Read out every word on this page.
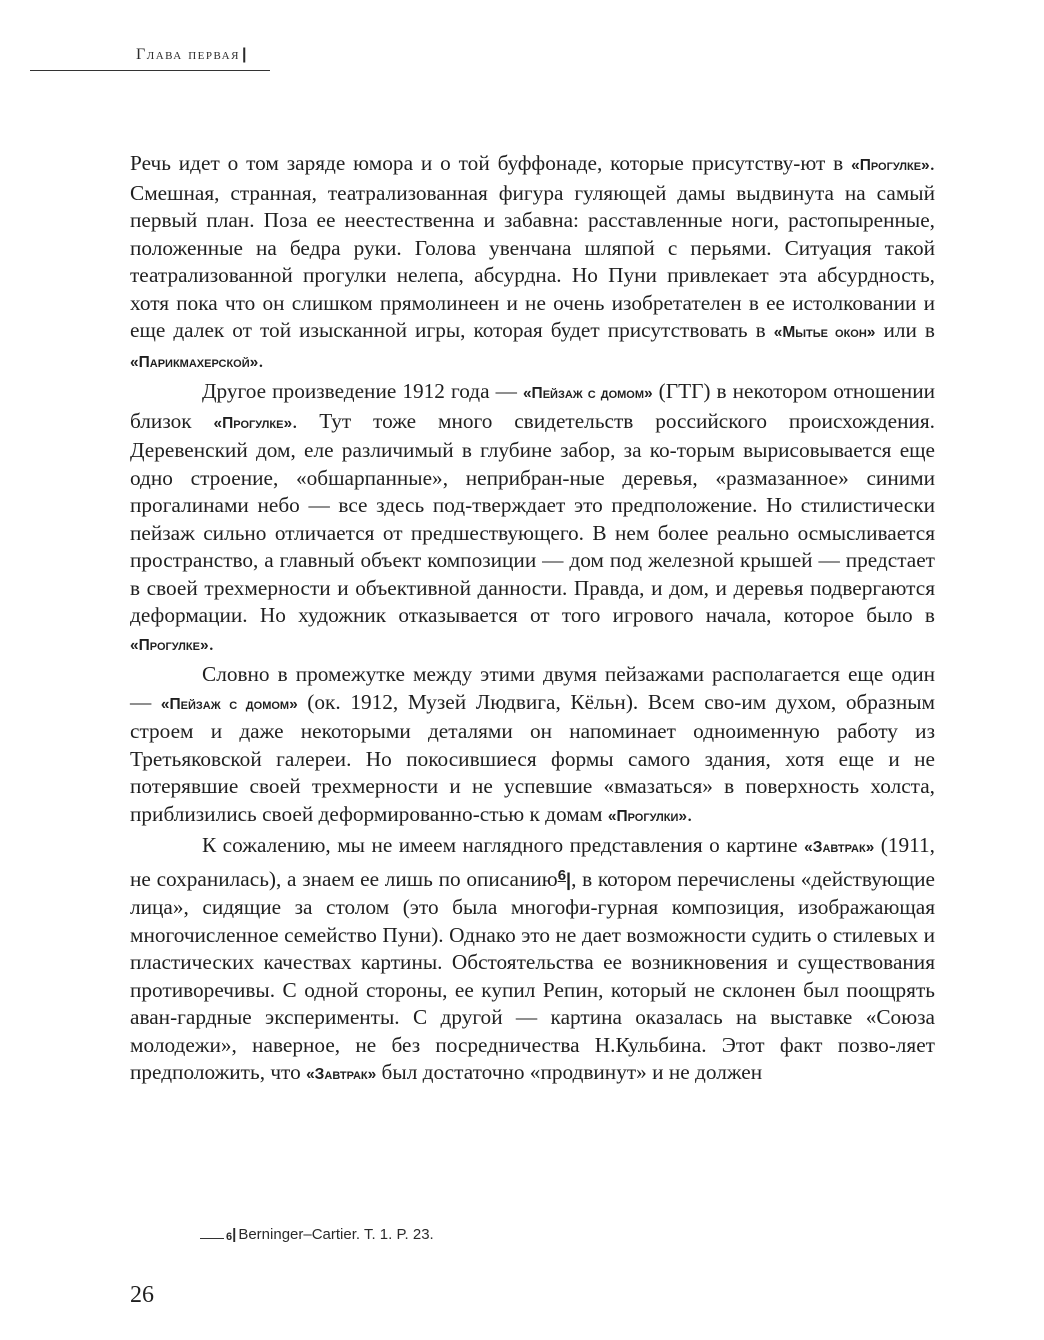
Глава первая |

Речь идет о том заряде юмора и о той буффонаде, которые присутству-ют в «Прогулке». Смешная, странная, театрализованная фигура гуляющей дамы выдвинута на самый первый план. Поза ее неестественна и забавна: расставленные ноги, растопыренные, положенные на бедра руки. Голова увенчана шляпой с перьями. Ситуация такой театрализованной прогулки нелепа, абсурдна. Но Пуни привлекает эта абсурдность, хотя пока что он слишком прямолинеен и не очень изобретателен в ее истолковании и еще далек от той изысканной игры, которая будет присутствовать в «Мытье окон» или в «Парикмахерской».

Другое произведение 1912 года — «Пейзаж с домом» (ГТГ) в некотором отношении близок «Прогулке». Тут тоже много свидетельств российского происхождения. Деревенский дом, еле различимый в глубине забор, за ко-торым вырисовывается еще одно строение, «обшарпанные», неприбран-ные деревья, «размазанное» синими прогалинами небо — все здесь под-тверждает это предположение. Но стилистически пейзаж сильно отличается от предшествующего. В нем более реально осмысливается пространство, а главный объект композиции — дом под железной крышей — предстает в своей трехмерности и объективной данности. Правда, и дом, и деревья подвергаются деформации. Но художник отказывается от того игрового начала, которое было в «Прогулке».

Словно в промежутке между этими двумя пейзажами располагается еще один — «Пейзаж с домом» (ок. 1912, Музей Людвига, Кёльн). Всем сво-им духом, образным строем и даже некоторыми деталями он напоминает одноименную работу из Третьяковской галереи. Но покосившиеся формы самого здания, хотя еще и не потерявшие своей трехмерности и не успевшие «вмазаться» в поверхность холста, приблизились своей деформированно-стью к домам «Прогулки».

К сожалению, мы не имеем наглядного представления о картине «Завтрак» (1911, не сохранилась), а знаем ее лишь по описанию$^6$|, в котором перечислены «действующие лица», сидящие за столом (это была многофи-гурная композиция, изображающая многочисленное семейство Пуни). Однако это не дает возможности судить о стилевых и пластических качествах картины. Обстоятельства ее возникновения и существования противоречивы. С одной стороны, ее купил Репин, который не склонен был поощрять аван-гардные эксперименты. С другой — картина оказалась на выставке «Союза молодежи», наверное, не без посредничества Н.Кульбина. Этот факт позво-ляет предположить, что «Завтрак» был достаточно «продвинут» и не должен

6 | Berninger–Cartier. T. 1. P. 23.
26
